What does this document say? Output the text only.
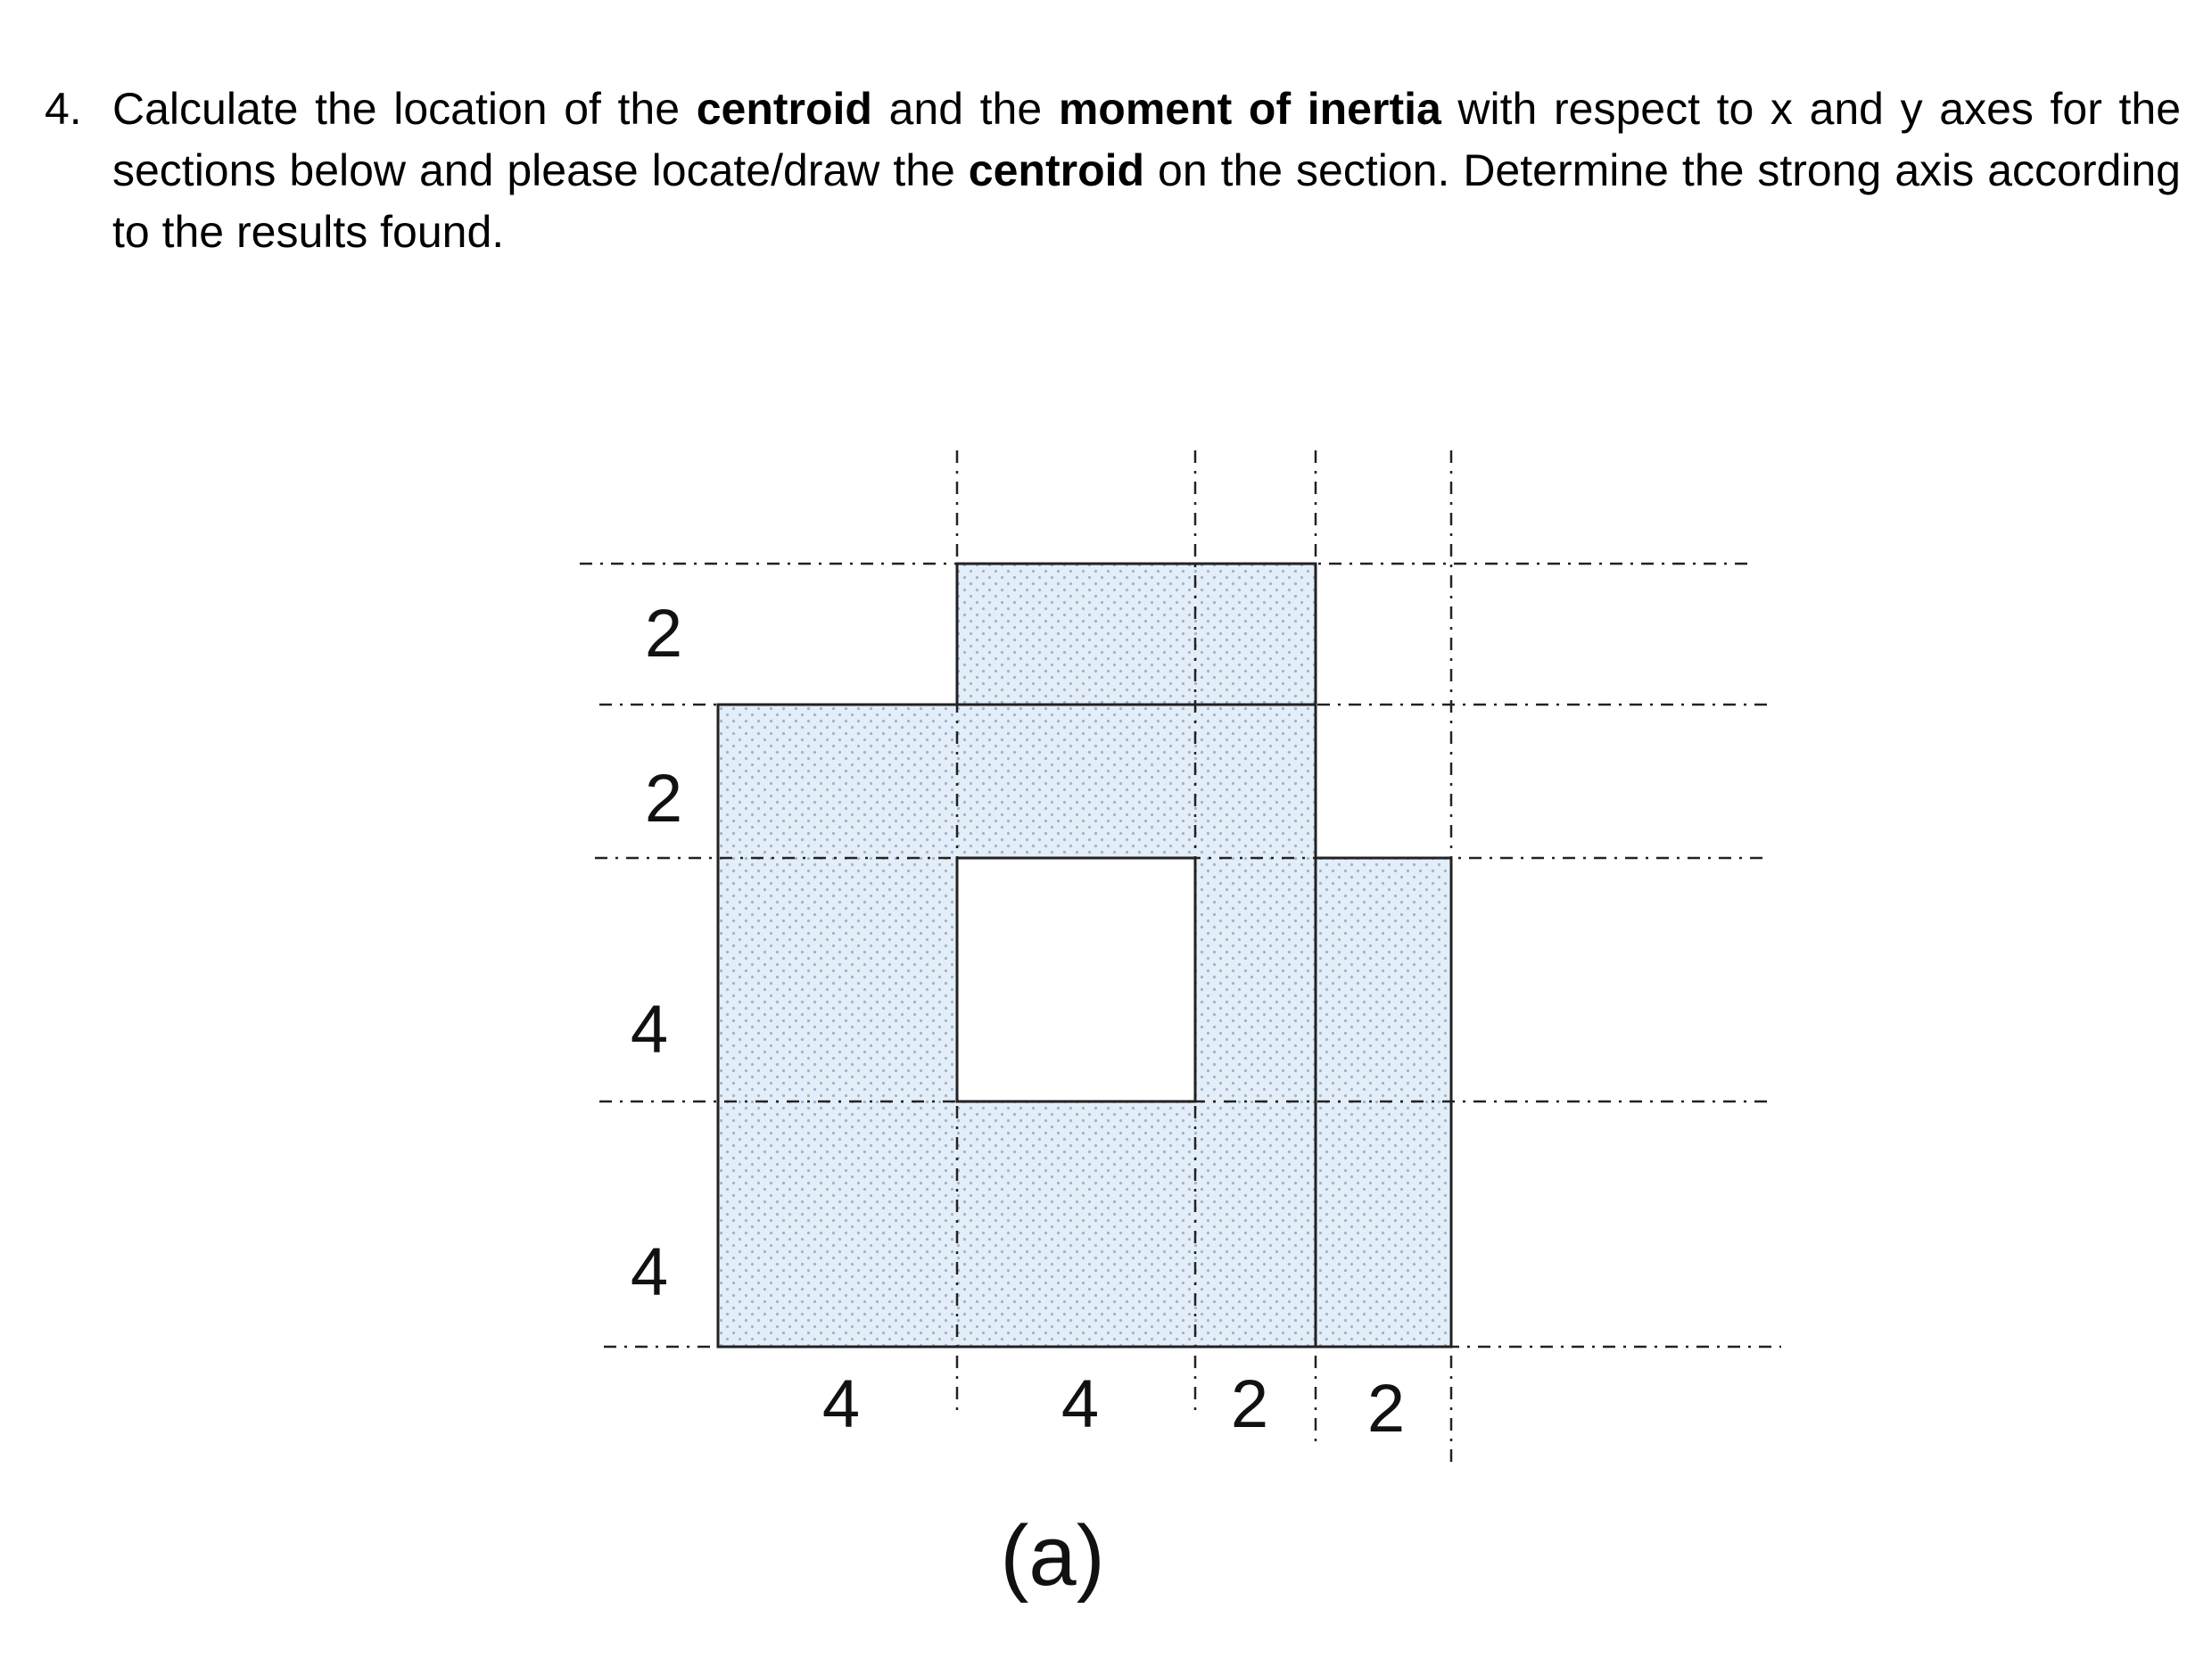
4. Calculate the location of the centroid and the moment of inertia with respect to x and y axes for the sections below and please locate/draw the centroid on the section. Determine the strong axis according to the results found.
2
2
4
4
4	4 2 2
(a)
